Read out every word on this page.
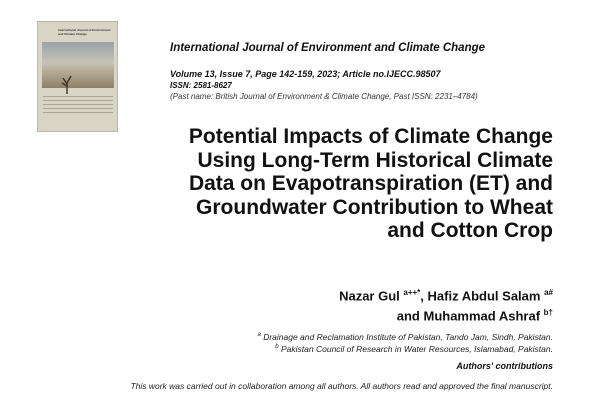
International Journal of Environment and Climate Change
International Journal of Environment and Climate Change
Volume 13, Issue 7, Page 142-159, 2023; Article no.IJECC.98507
ISSN: 2581-8627
(Past name: British Journal of Environment & Climate Change, Past ISSN: 2231–4784)
Potential Impacts of Climate Change
Using Long-Term Historical Climate
Data on Evapotranspiration (ET) and
Groundwater Contribution to Wheat
and Cotton Crop
Nazar Gul $^{a++*}$, Hafiz Abdul Salam $^{a\#}$
and Muhammad Ashraf $^{b\dagger}$
$^a$ Drainage and Reclamation Institute of Pakistan, Tando Jam, Sindh, Pakistan.
$^b$ Pakistan Council of Research in Water Resources, Islamabad, Pakistan.
Authors' contributions
This work was carried out in collaboration among all authors. All authors read and approved the final manuscript.
